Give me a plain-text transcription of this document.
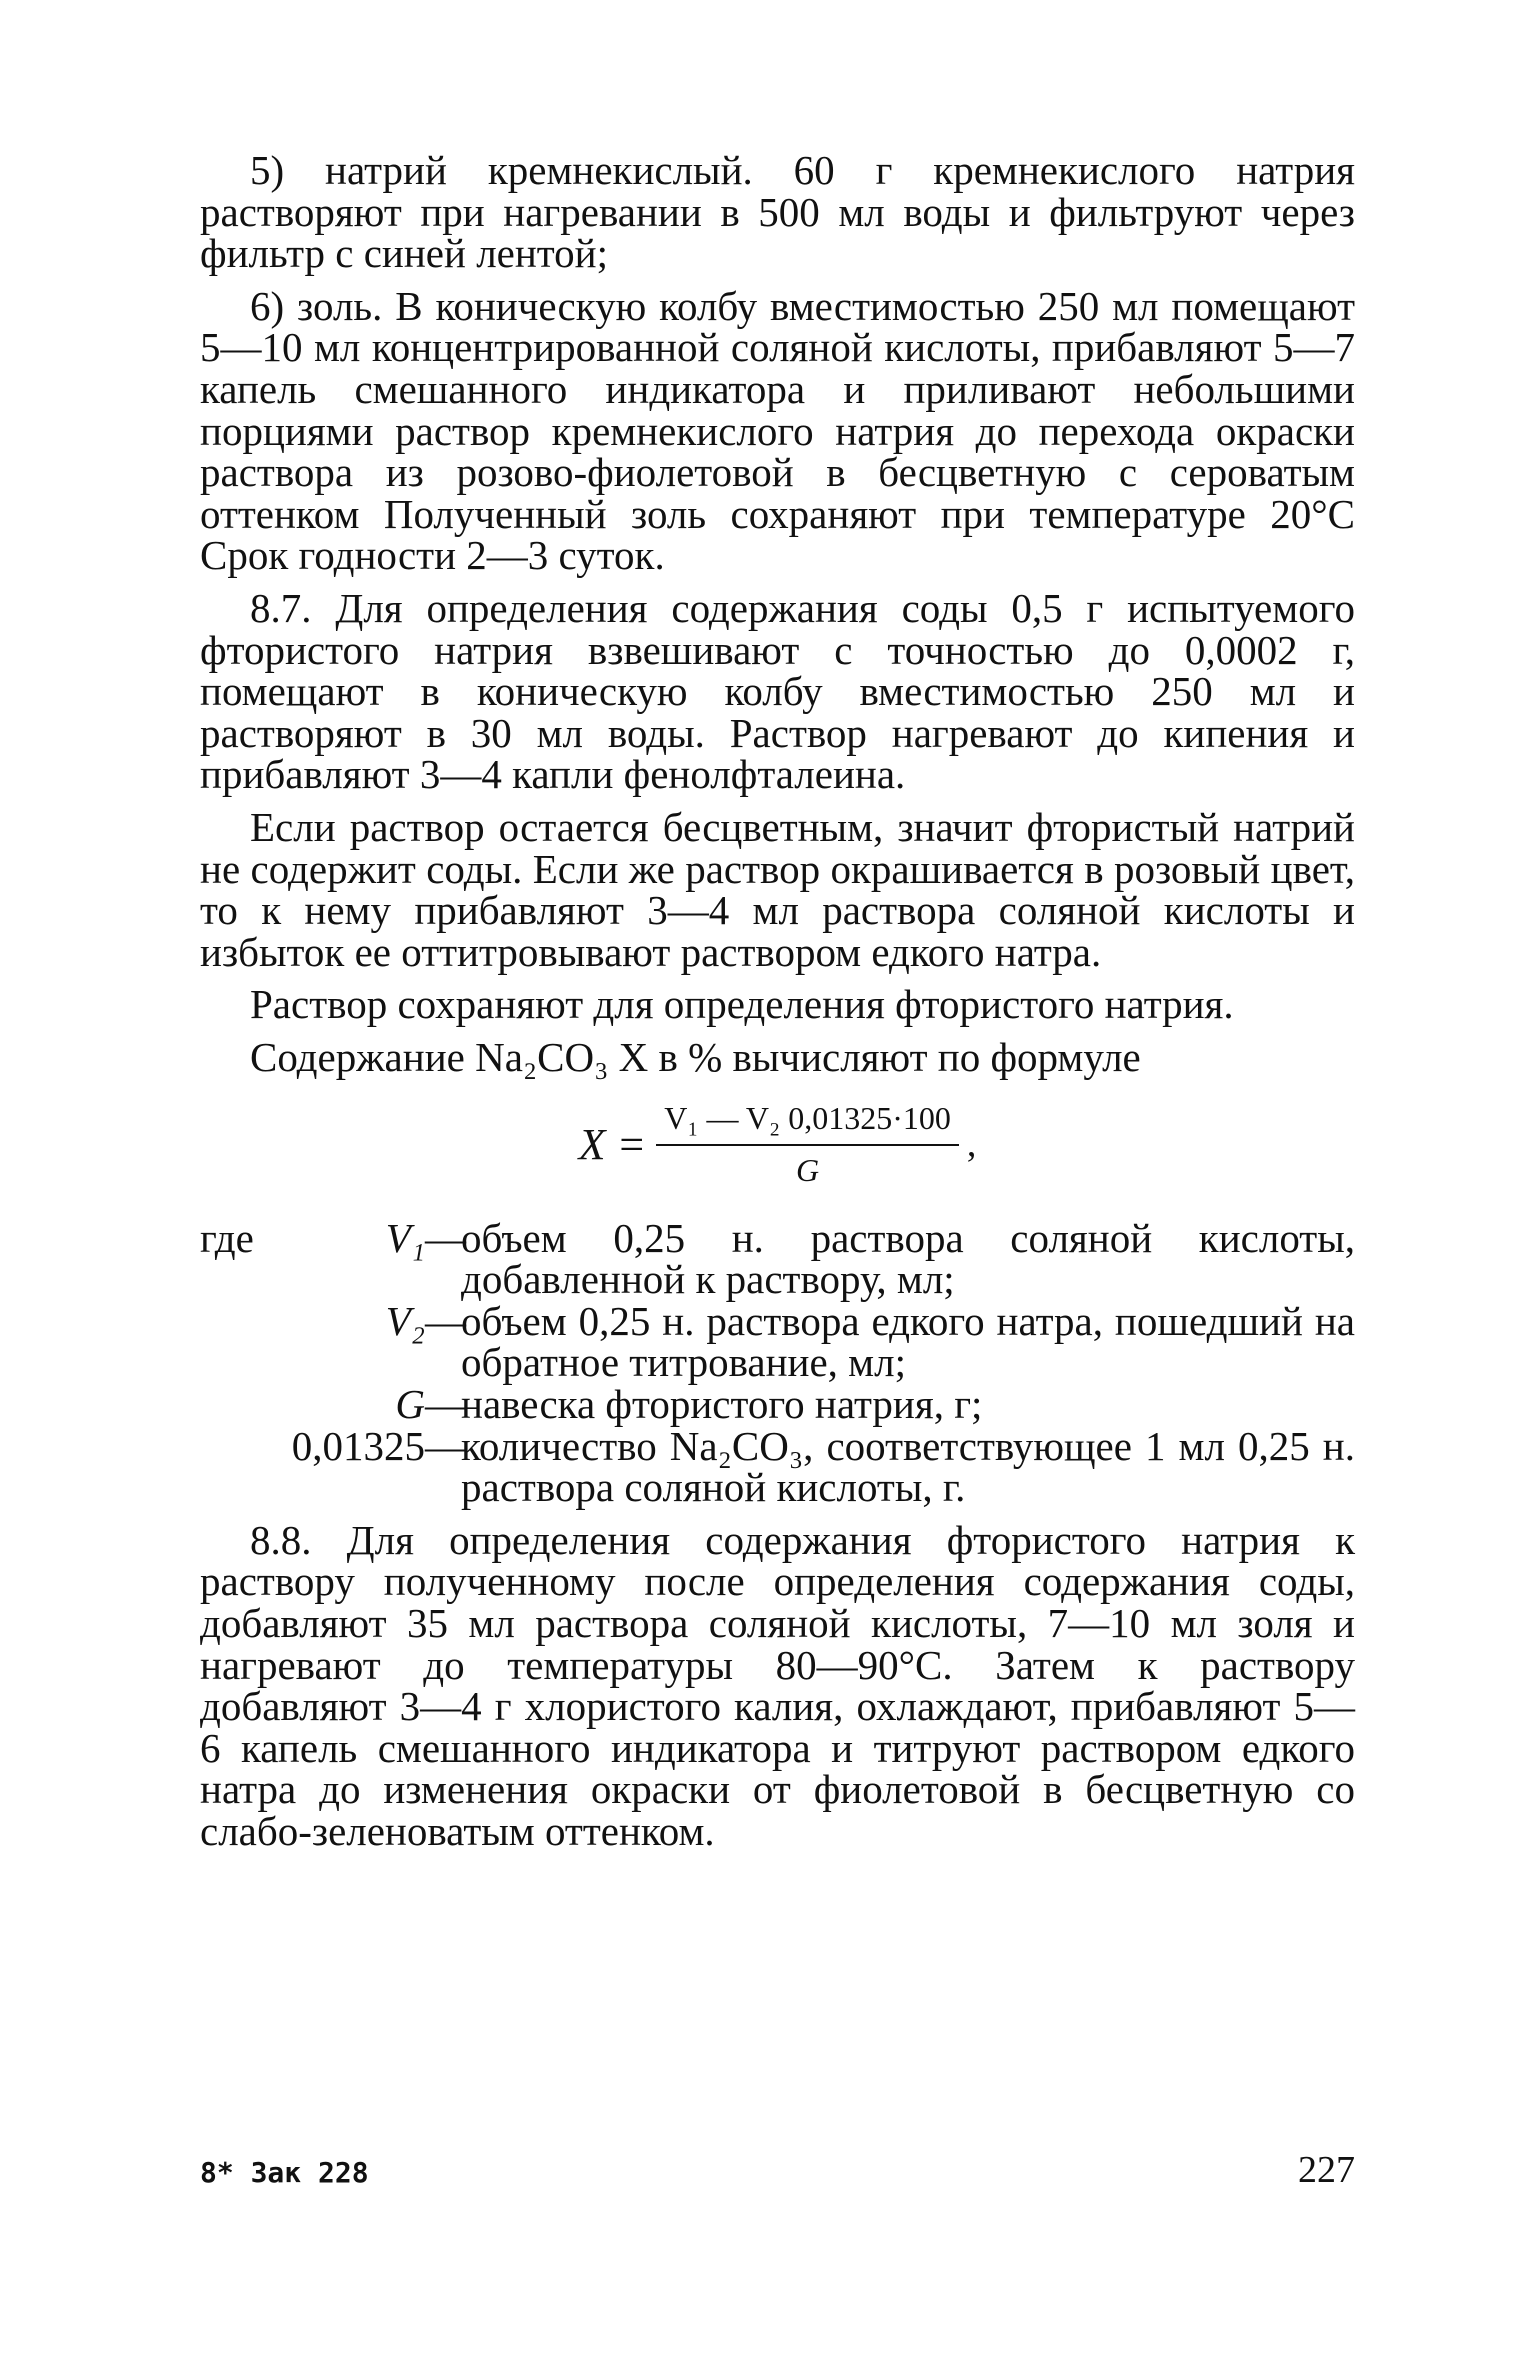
5) натрий кремнекислый. 60 г кремнекислого натрия растворяют при нагревании в 500 мл воды и фильтруют через фильтр с синей лентой;

6) золь. В коническую колбу вместимостью 250 мл помещают 5—10 мл концентрированной соляной кислоты, прибавляют 5—7 капель смешанного индикатора и приливают небольшими порциями раствор кремнекислого натрия до перехода окраски раствора из розово-фиолетовой в бесцветную с сероватым оттенком Полученный золь сохраняют при температуре 20°С Срок годности 2—3 суток.

8.7. Для определения содержания соды 0,5 г испытуемого фтористого натрия взвешивают с точностью до 0,0002 г, помещают в коническую колбу вместимостью 250 мл и растворяют в 30 мл воды. Раствор нагревают до кипения и прибавляют 3—4 капли фенолфталеина.

Если раствор остается бесцветным, значит фтористый натрий не содержит соды. Если же раствор окрашивается в розовый цвет, то к нему прибавляют 3—4 мл раствора соляной кислоты и избыток ее оттитровывают раствором едкого натра.

Раствор сохраняют для определения фтористого натрия.

Содержание Na₂CO₃ X в % вычисляют по формуле

$X = \frac{\text{V₁ — V₂ 0,01325·100}}{G}$ ,
где	V₁ —
объем 0,25 н. раствора соляной кислоты, добавленной к раствору, мл;
V₂ —
объем 0,25 н. раствора едкого натра, пошедший на обратное титрование, мл;
G —
навеска фтористого натрия, г;
0,01325 —
количество Na₂CO₃, соответствующее 1 мл 0,25 н. раствора соляной кислоты, г.

8.8. Для определения содержания фтористого натрия к раствору полученному после определения содержания соды, добавляют 35 мл раствора соляной кислоты, 7—10 мл золя и нагревают до температуры 80—90°С. Затем к раствору добавляют 3—4 г хлористого калия, охлаждают, прибавляют 5—6 капель смешанного индикатора и титруют раствором едкого натра до изменения окраски от фиолетовой в бесцветную со слабо-зеленоватым оттенком.

8* Зак 228	227
